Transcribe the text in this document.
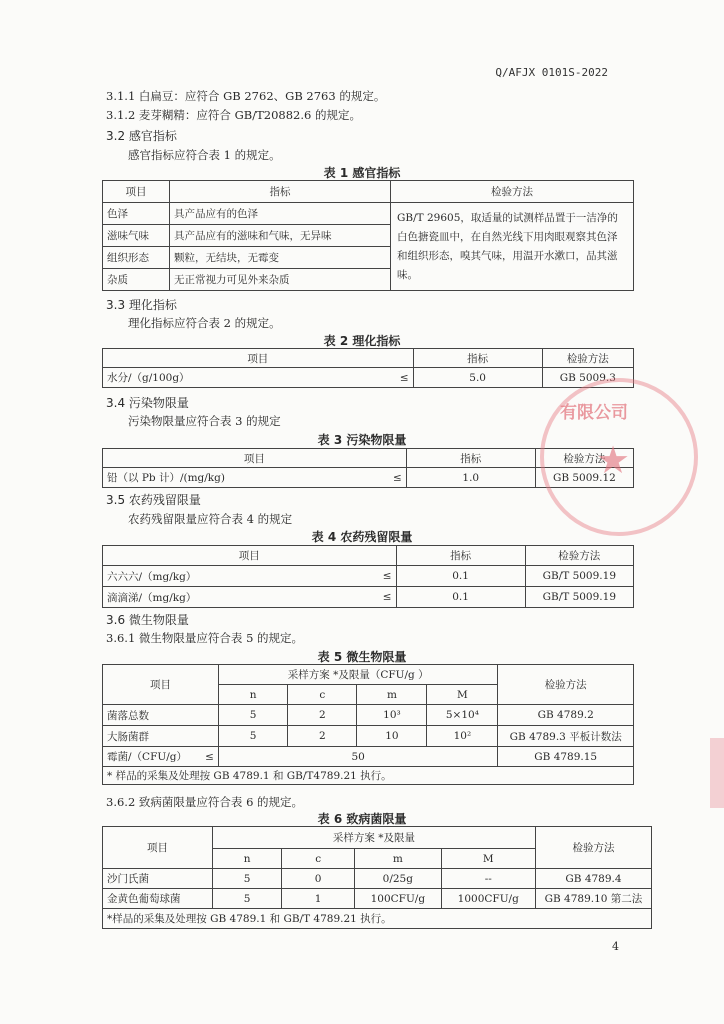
Q/AFJX 0101S-2022
3.1.1 白扁豆：应符合 GB 2762、GB 2763 的规定。
3.1.2 麦芽糊精：应符合 GB/T20882.6 的规定。
3.2 感官指标
感官指标应符合表 1 的规定。
表 1 感官指标
项目	指标	检验方法
色泽	具产品应有的色泽	GB/T 29605，取适量的试测样品置于一洁净的白色搪瓷皿中，在自然光线下用肉眼观察其色泽和组织形态，嗅其气味，用温开水漱口，品其滋味。
滋味气味	具产品应有的滋味和气味，无异味	
组织形态	颗粒，无结块，无霉变	
杂质	无正常视力可见外来杂质	
3.3 理化指标
理化指标应符合表 2 的规定。
表 2 理化指标
项目		指标	检验方法
水分/（g/100g）	≤	5.0	GB 5009.3
3.4 污染物限量
污染物限量应符合表 3 的规定
表 3 污染物限量
项目		指标	检验方法
铅（以 Pb 计）/(mg/kg)	≤	1.0	GB 5009.12
3.5 农药残留限量
农药残留限量应符合表 4 的规定
表 4 农药残留限量
项目		指标	检验方法
六六六/（mg/kg）	≤	0.1	GB/T 5009.19
滴滴涕/（mg/kg）	≤	0.1	GB/T 5009.19
3.6 微生物限量
3.6.1 微生物限量应符合表 5 的规定。
表 5 微生物限量
项目		采样方案 *及限量（CFU/g ）				检验方法
		n	c	m	M	
菌落总数		5	2	10³	5×10⁴	GB 4789.2
大肠菌群		5	2	10	10²	GB 4789.3 平板计数法
霉菌/（CFU/g）	≤	50				GB 4789.15
* 样品的采集及处理按 GB 4789.1 和 GB/T4789.21 执行。						
3.6.2 致病菌限量应符合表 6 的规定。
表 6 致病菌限量
项目	采样方案 *及限量				检验方法
	n	c	m	M	
沙门氏菌	5	0	0/25g	--	GB 4789.4
金黄色葡萄球菌	5	1	100CFU/g	1000CFU/g	GB 4789.10 第二法
*样品的采集及处理按 GB 4789.1 和 GB/T 4789.21 执行。					
有限公司
★
4
